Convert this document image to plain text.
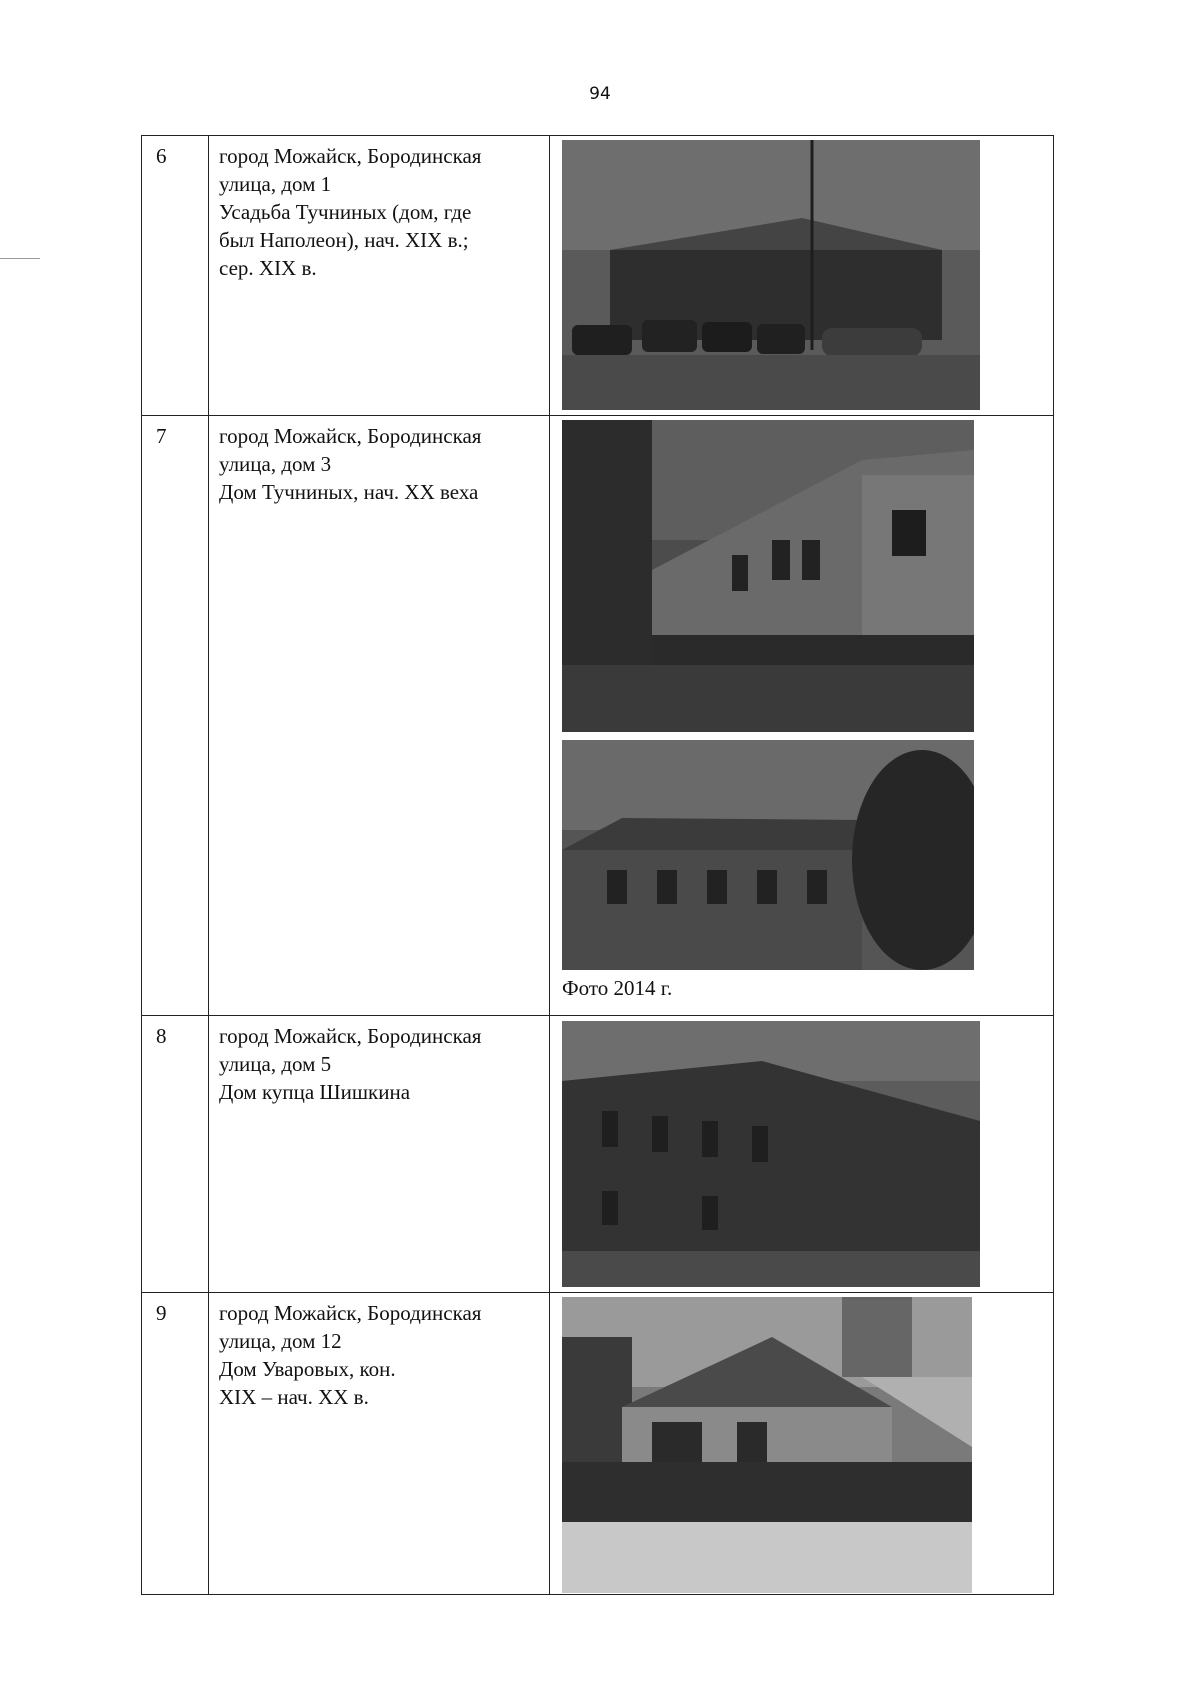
94
6	город Можайск, Бородинская
улица, дом 1
Усадьба Тучниных (дом, где
был Наполеон), нач. XIX в.;
сер. XIX в.

7	город Можайск, Бородинская
улица, дом 3
Дом Тучниных, нач. XX веха	Фото 2014 г.

8	город Можайск, Бородинская
улица, дом 5
Дом купца Шишкина

9	город Можайск, Бородинская
улица, дом 12
Дом Уваровых, кон.
XIX – нач. XX в.
